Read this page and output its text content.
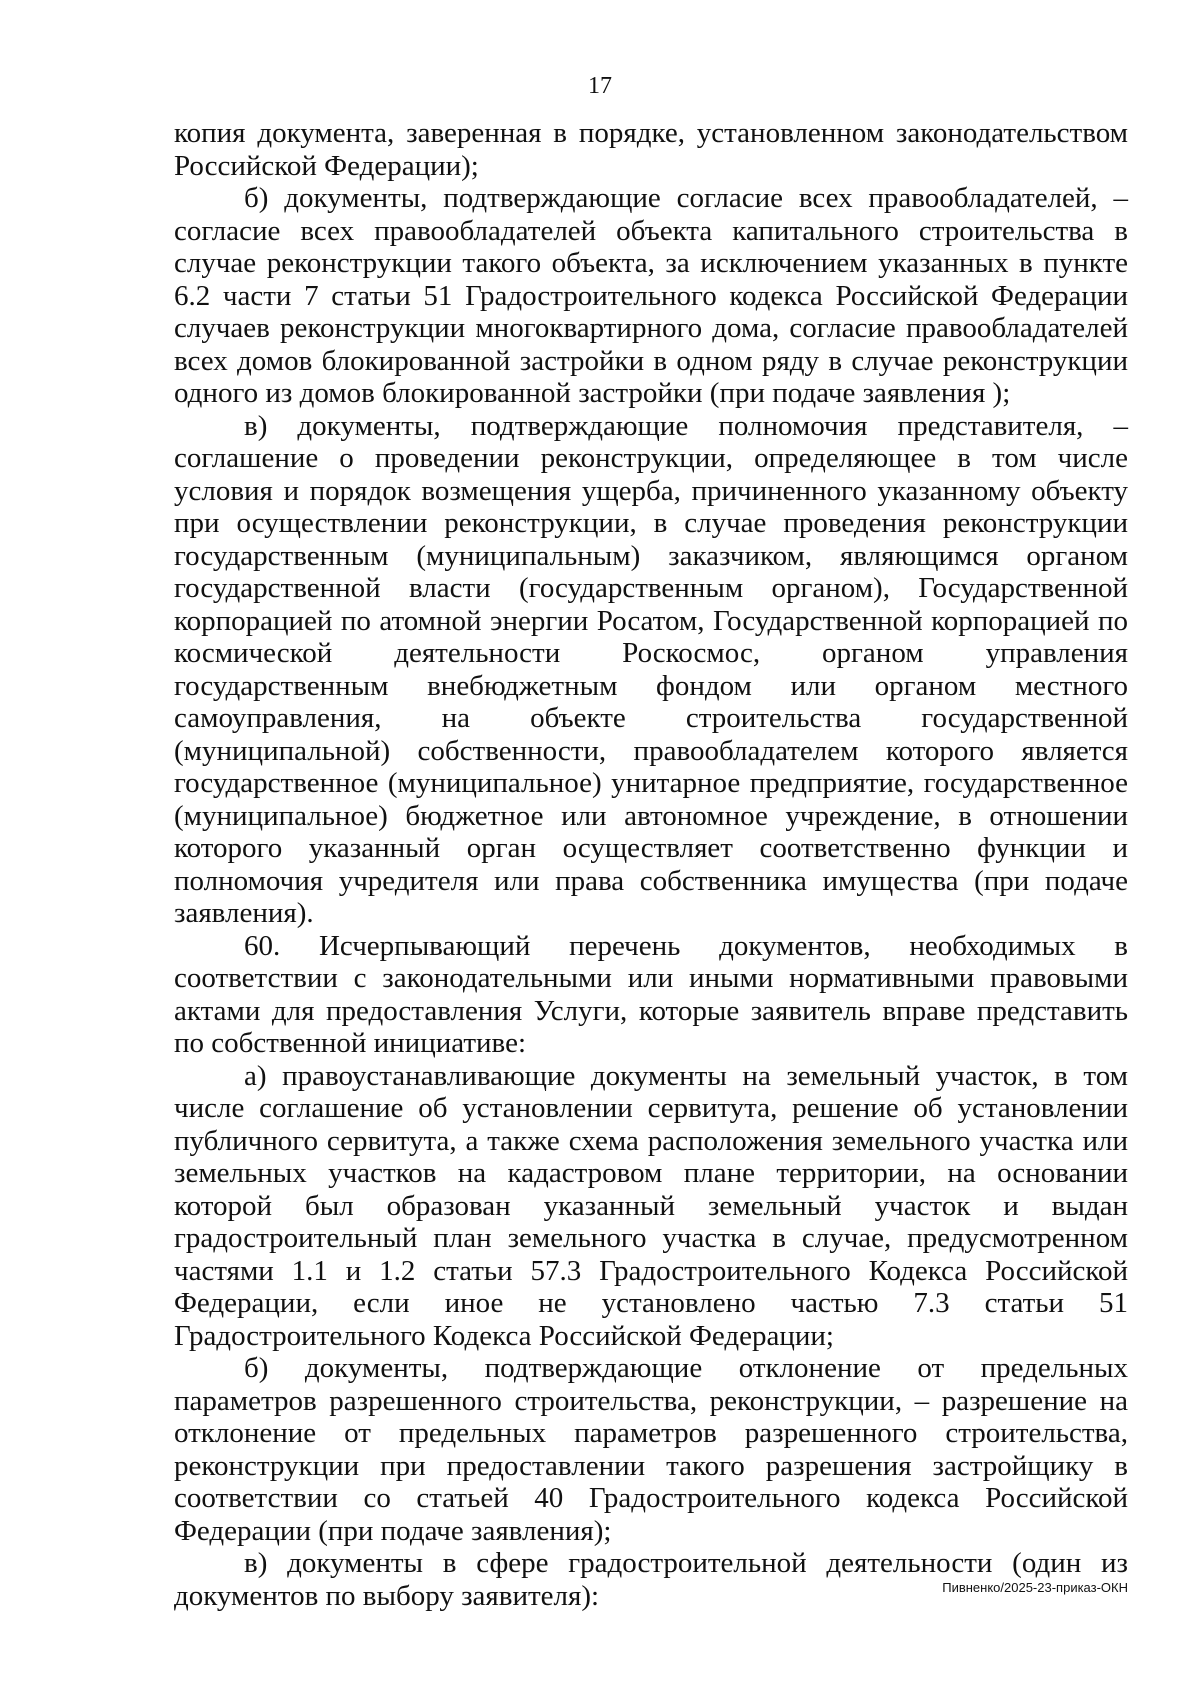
17

копия документа, заверенная в порядке, установленном законодательством Российской Федерации);

б) документы, подтверждающие согласие всех правообладателей, – согласие всех правообладателей объекта капитального строительства в случае реконструкции такого объекта, за исключением указанных в пункте 6.2 части 7 статьи 51 Градостроительного кодекса Российской Федерации случаев реконструкции многоквартирного дома, согласие правообладателей всех домов блокированной застройки в одном ряду в случае реконструкции одного из домов блокированной застройки (при подаче заявления );

в) документы, подтверждающие полномочия представителя, – соглашение о проведении реконструкции, определяющее в том числе условия и порядок возмещения ущерба, причиненного указанному объекту при осуществлении реконструкции, в случае проведения реконструкции государственным (муниципальным) заказчиком, являющимся органом государственной власти (государственным органом), Государственной корпорацией по атомной энергии Росатом, Государственной корпорацией по космической деятельности Роскосмос, органом управления государственным внебюджетным фондом или органом местного самоуправления, на объекте строительства государственной (муниципальной) собственности, правообладателем которого является государственное (муниципальное) унитарное предприятие, государственное (муниципальное) бюджетное или автономное учреждение, в отношении которого указанный орган осуществляет соответственно функции и полномочия учредителя или права собственника имущества (при подаче заявления).

60. Исчерпывающий перечень документов, необходимых в соответствии с законодательными или иными нормативными правовыми актами для предоставления Услуги, которые заявитель вправе представить по собственной инициативе:

а) правоустанавливающие документы на земельный участок, в том числе соглашение об установлении сервитута, решение об установлении публичного сервитута, а также схема расположения земельного участка или земельных участков на кадастровом плане территории, на основании которой был образован указанный земельный участок и выдан градостроительный план земельного участка в случае, предусмотренном частями 1.1 и 1.2 статьи 57.3 Градостроительного Кодекса Российской Федерации, если иное не установлено частью 7.3 статьи 51 Градостроительного Кодекса Российской Федерации;

б) документы, подтверждающие отклонение от предельных параметров разрешенного строительства, реконструкции, – разрешение на отклонение от предельных параметров разрешенного строительства, реконструкции при предоставлении такого разрешения застройщику в соответствии со статьей 40 Градостроительного кодекса Российской Федерации (при подаче заявления);

в) документы в сфере градостроительной деятельности (один из документов по выбору заявителя):	Пивненко/2025-23-приказ-ОКН
